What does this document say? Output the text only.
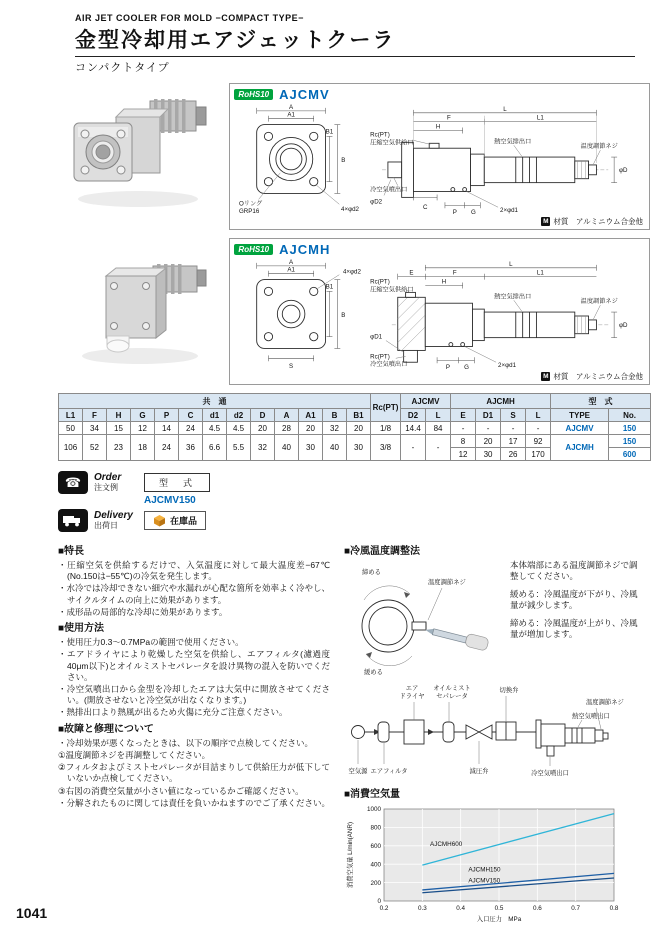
AIR JET COOLER FOR MOLD −COMPACT TYPE−
金型冷却用エアジェットクーラ
コンパクトタイプ
RoHS10 AJCMV
A
A1
B
B1
4×φd2
Oリング
GRP16
Rc(PT)
圧縮空気供給口
冷空気噴出口
φD2
L
F	L1
H
熱空気排出口
温度調節ネジ
φD
C
P G	2×φd1
M 材質　アルミニウム合金他
RoHS10 AJCMH
A
A1
B
B1
4×φd2
S
Rc(PT)
圧縮空気供給口
Rc(PT)
冷空気噴出口
φD1
E
L
F	L1
H
熱空気排出口
温度調節ネジ
φD
P G	2×φd1
M 材質　アルミニウム合金他
共　通													Rc(PT)	AJCMV		AJCMH				型　式	
L1	F	H	G	P	C	d1	d2	D	A	A1	B	B1		D2	L	E	D1	S	L	TYPE	No.
50	34	15	12	14	24	4.5	4.5	20	28	20	32	20	1/8	14.4	84	-	-	-	-	AJCMV	150
106	52	23	18	24	36	6.6	5.5	32	40	30	40	30	3/8	-	-	8	20	17	92	AJCMH	150
																12	30	26	170		600
☎	Order
注文例	型　式
AJCMV150
Delivery
出荷日	在庫品
■特長

・圧縮空気を供給するだけで、入気温度に対して最大温度差−67℃(No.150は−55℃)の冷気を発生します。

・水冷では冷却できない細穴や水漏れが心配な箇所を効率よく冷やし、サイクルタイムの向上に効果があります。

・成形品の局部的な冷却に効果があります。

■使用方法

・使用圧力0.3〜0.7MPaの範囲で使用ください。

・エアドライヤにより乾燥した空気を供給し、エアフィルタ(濾過度40μm以下)とオイルミストセパレータを設け異物の混入を防いでください。

・冷空気噴出口から金型を冷却したエアは大気中に開放させてください。(開放させないと冷空気が出なくなります。)

・熱排出口より熱風が出るため火傷に充分ご注意ください。

■故障と修理について

・冷却効果が悪くなったときは、以下の順序で点検してください。

①温度調節ネジを再調整してください。

②フィルタおよびミストセパレータが目詰まりして供給圧力が低下していないか点検してください。

③右図の消費空気量が小さい値になっているかご確認ください。

・分解されたものに関しては責任を負いかねますのでご了承ください。

■冷風温度調整法
締める
温度調節ネジ
緩める

本体端部にある温度調節ネジで調整してください。

緩める：冷風温度が下がり、冷風量が減少します。

締める：冷風温度が上がり、冷風量が増加します。

エア
ドライヤ
オイルミスト
セパレータ
切換弁
空気源 エアフィルタ	減圧弁
温度調節ネジ
熱空気噴出口
冷空気噴出口
■消費空気量
消費空気量 L/min(ANR)
入口圧力　MPa
0
200
400
600
800
1000
0.2	0.3	0.4	0.5	0.6	0.7	0.8
AJCMH600
AJCMH150
AJCMV150
1041
